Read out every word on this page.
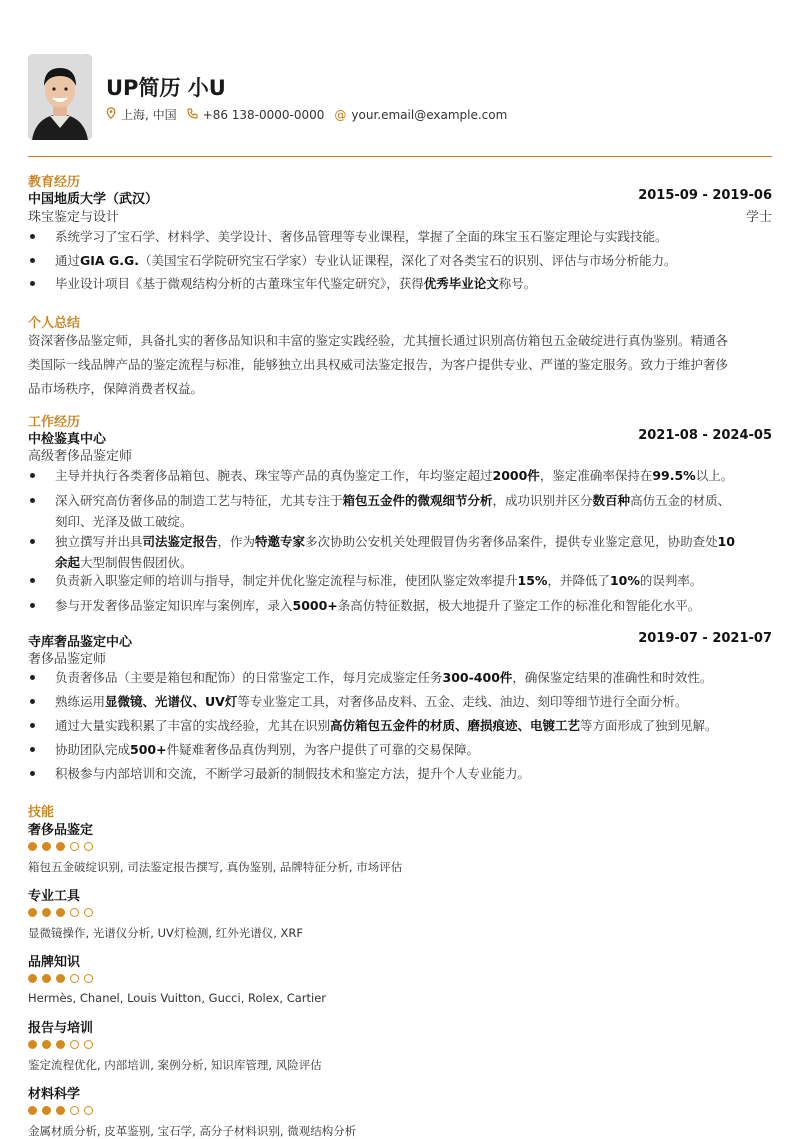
UP简历 小U
上海, 中国 +86 138-0000-0000 @ your.email@example.com
教育经历
中国地质大学（武汉）	2015-09 - 2019-06
珠宝鉴定与设计	学士
系统学习了宝石学、材料学、美学设计、奢侈品管理等专业课程，掌握了全面的珠宝玉石鉴定理论与实践技能。
通过GIA G.G.（美国宝石学院研究宝石学家）专业认证课程，深化了对各类宝石的识别、评估与市场分析能力。
毕业设计项目《基于微观结构分析的古董珠宝年代鉴定研究》，获得优秀毕业论文称号。
个人总结
资深奢侈品鉴定师，具备扎实的奢侈品知识和丰富的鉴定实践经验，尤其擅长通过识别高仿箱包五金破绽进行真伪鉴别。精通各
类国际一线品牌产品的鉴定流程与标准，能够独立出具权威司法鉴定报告，为客户提供专业、严谨的鉴定服务。致力于维护奢侈
品市场秩序，保障消费者权益。
工作经历
中检鉴真中心	2021-08 - 2024-05
高级奢侈品鉴定师
主导并执行各类奢侈品箱包、腕表、珠宝等产品的真伪鉴定工作，年均鉴定超过2000件，鉴定准确率保持在99.5%以上。
深入研究高仿奢侈品的制造工艺与特征，尤其专注于箱包五金件的微观细节分析，成功识别并区分数百种高仿五金的材质、
刻印、光泽及做工破绽。
独立撰写并出具司法鉴定报告，作为特邀专家多次协助公安机关处理假冒伪劣奢侈品案件，提供专业鉴定意见，协助查处10
余起大型制假售假团伙。
负责新入职鉴定师的培训与指导，制定并优化鉴定流程与标准，使团队鉴定效率提升15%，并降低了10%的误判率。
参与开发奢侈品鉴定知识库与案例库，录入5000+条高仿特征数据，极大地提升了鉴定工作的标准化和智能化水平。
寺库奢品鉴定中心	2019-07 - 2021-07
奢侈品鉴定师
负责奢侈品（主要是箱包和配饰）的日常鉴定工作，每月完成鉴定任务300-400件，确保鉴定结果的准确性和时效性。
熟练运用显微镜、光谱仪、UV灯等专业鉴定工具，对奢侈品皮料、五金、走线、油边、刻印等细节进行全面分析。
通过大量实践积累了丰富的实战经验，尤其在识别高仿箱包五金件的材质、磨损痕迹、电镀工艺等方面形成了独到见解。
协助团队完成500+件疑难奢侈品真伪判别，为客户提供了可靠的交易保障。
积极参与内部培训和交流，不断学习最新的制假技术和鉴定方法，提升个人专业能力。
技能
奢侈品鉴定
箱包五金破绽识别, 司法鉴定报告撰写, 真伪鉴别, 品牌特征分析, 市场评估
专业工具
显微镜操作, 光谱仪分析, UV灯检测, 红外光谱仪, XRF
品牌知识
Hermès, Chanel, Louis Vuitton, Gucci, Rolex, Cartier
报告与培训
鉴定流程优化, 内部培训, 案例分析, 知识库管理, 风险评估
材料科学
金属材质分析, 皮革鉴别, 宝石学, 高分子材料识别, 微观结构分析
